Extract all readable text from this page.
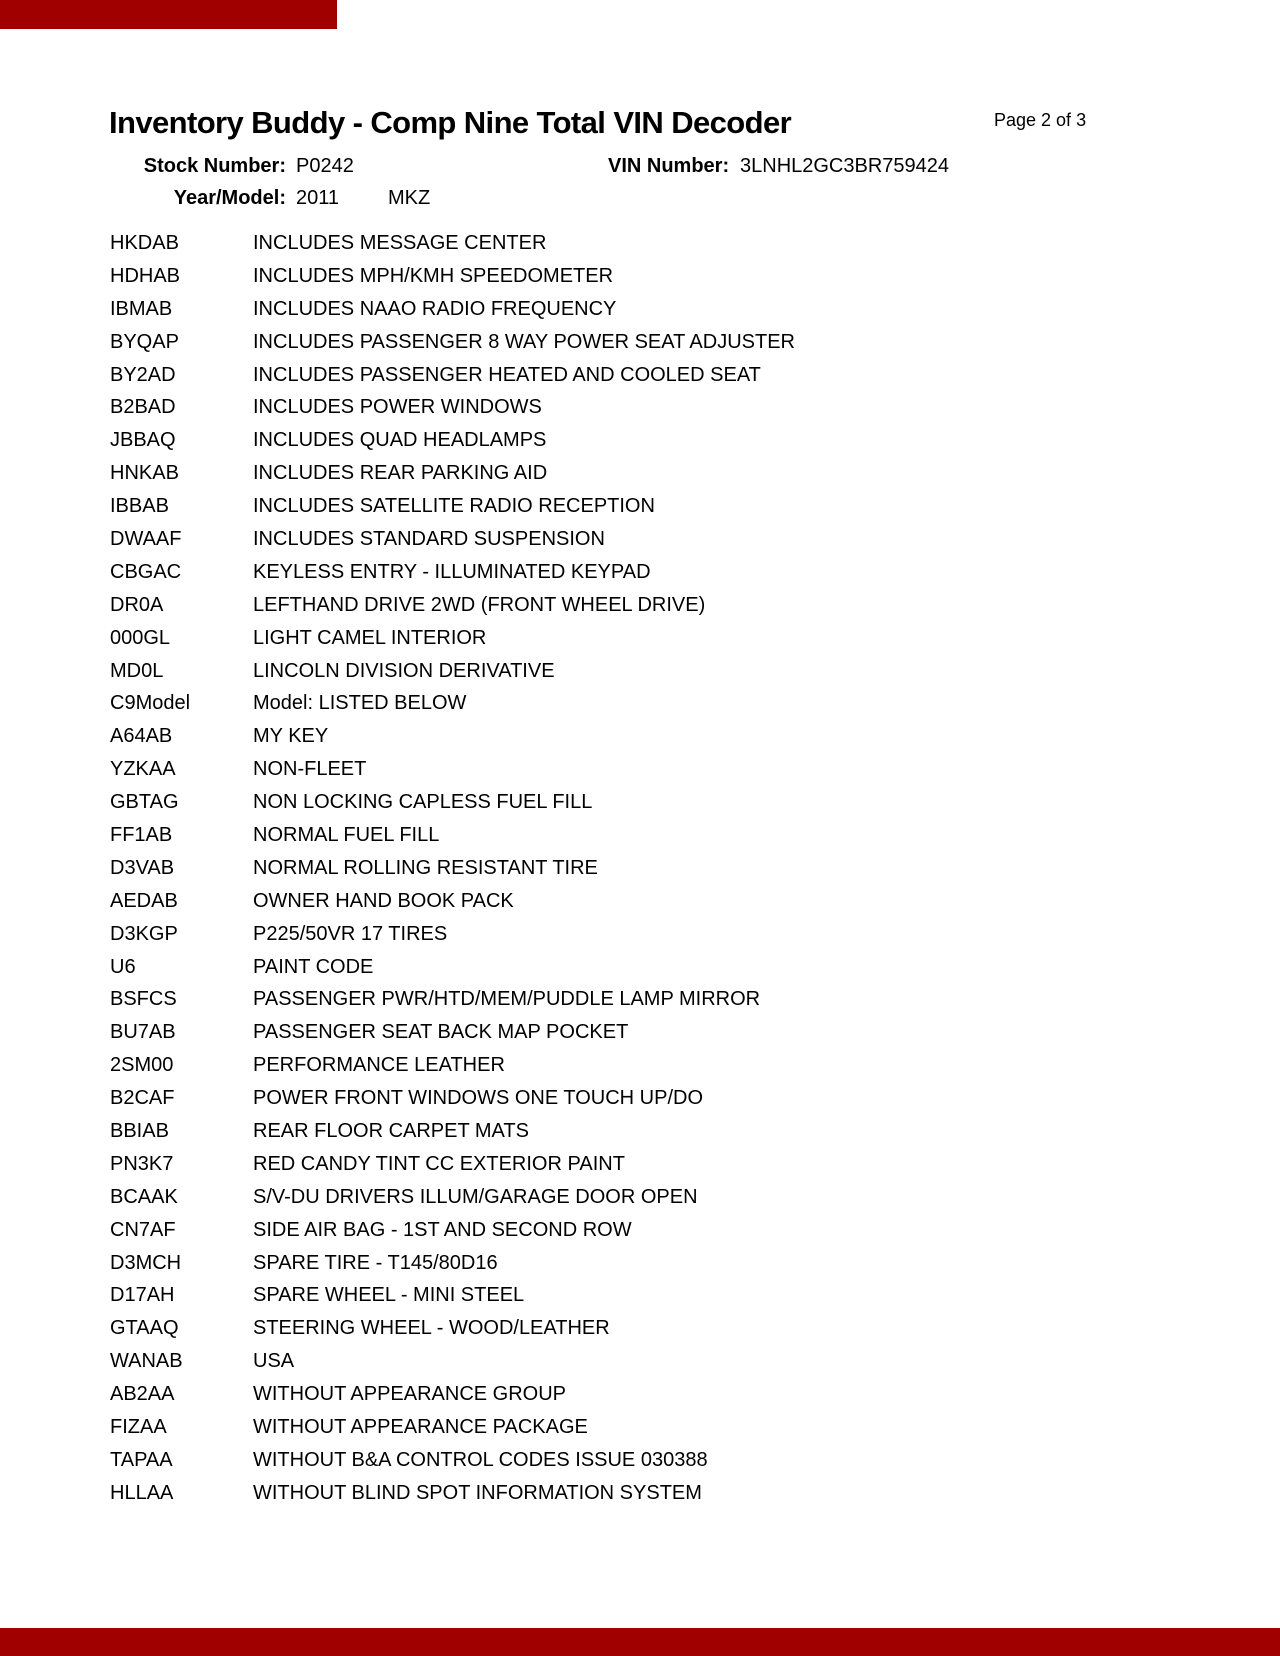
Inventory Buddy - Comp Nine Total VIN Decoder	Page 2 of 3
Stock Number: P0242	VIN Number: 3LNHL2GC3BR759424
Year/Model: 2011 MKZ
HKDAB	INCLUDES MESSAGE CENTER
HDHAB	INCLUDES MPH/KMH SPEEDOMETER
IBMAB	INCLUDES NAAO RADIO FREQUENCY
BYQAP	INCLUDES PASSENGER 8 WAY POWER SEAT ADJUSTER
BY2AD	INCLUDES PASSENGER HEATED AND COOLED SEAT
B2BAD	INCLUDES POWER WINDOWS
JBBAQ	INCLUDES QUAD HEADLAMPS
HNKAB	INCLUDES REAR PARKING AID
IBBAB	INCLUDES SATELLITE RADIO RECEPTION
DWAAF	INCLUDES STANDARD SUSPENSION
CBGAC	KEYLESS ENTRY - ILLUMINATED KEYPAD
DR0A	LEFTHAND DRIVE 2WD (FRONT WHEEL DRIVE)
000GL	LIGHT CAMEL INTERIOR
MD0L	LINCOLN DIVISION DERIVATIVE
C9Model	Model: LISTED BELOW
A64AB	MY KEY
YZKAA	NON-FLEET
GBTAG	NON LOCKING CAPLESS FUEL FILL
FF1AB	NORMAL FUEL FILL
D3VAB	NORMAL ROLLING RESISTANT TIRE
AEDAB	OWNER HAND BOOK PACK
D3KGP	P225/50VR 17 TIRES
U6	PAINT CODE
BSFCS	PASSENGER PWR/HTD/MEM/PUDDLE LAMP MIRROR
BU7AB	PASSENGER SEAT BACK MAP POCKET
2SM00	PERFORMANCE LEATHER
B2CAF	POWER FRONT WINDOWS ONE TOUCH UP/DO
BBIAB	REAR FLOOR CARPET MATS
PN3K7	RED CANDY TINT CC EXTERIOR PAINT
BCAAK	S/V-DU DRIVERS ILLUM/GARAGE DOOR OPEN
CN7AF	SIDE AIR BAG - 1ST AND SECOND ROW
D3MCH	SPARE TIRE - T145/80D16
D17AH	SPARE WHEEL - MINI STEEL
GTAAQ	STEERING WHEEL - WOOD/LEATHER
WANAB	USA
AB2AA	WITHOUT APPEARANCE GROUP
FIZAA	WITHOUT APPEARANCE PACKAGE
TAPAA	WITHOUT B&A CONTROL CODES ISSUE 030388
HLLAA	WITHOUT BLIND SPOT INFORMATION SYSTEM
